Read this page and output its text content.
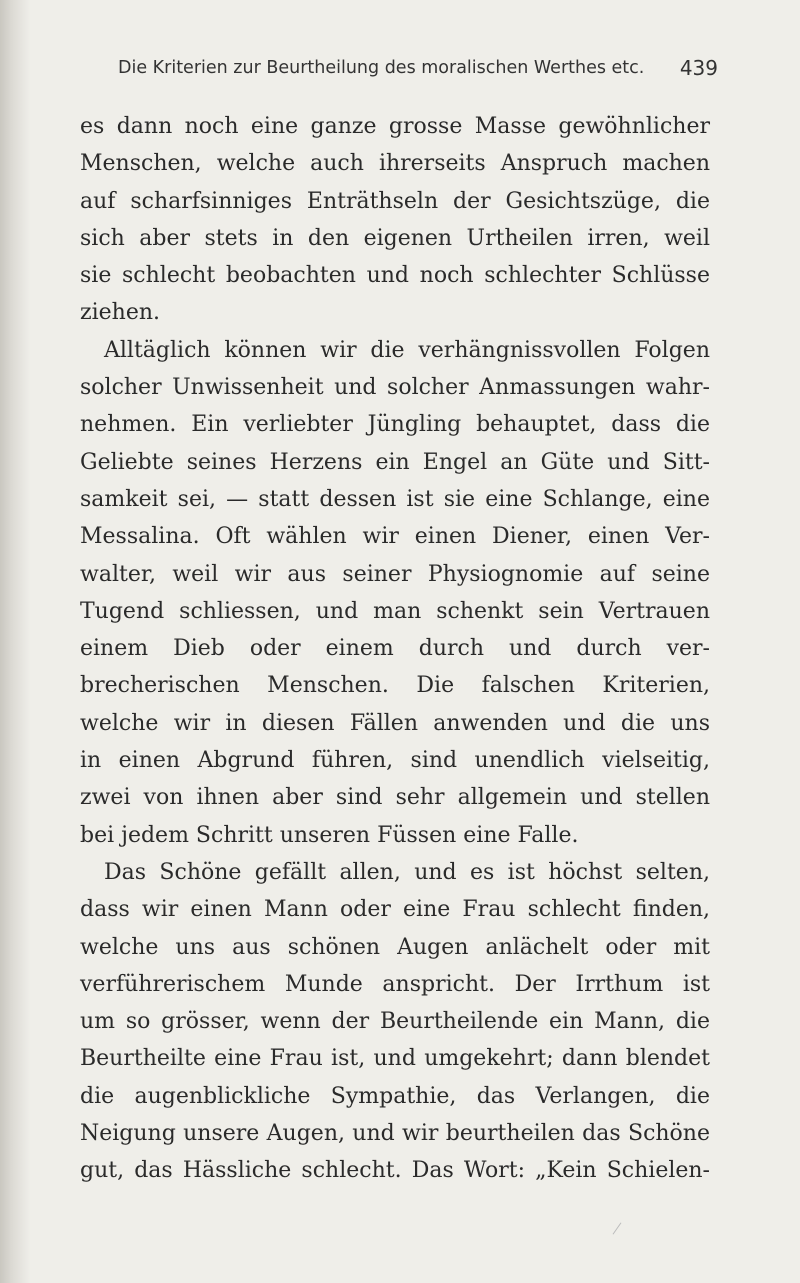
Die Kriterien zur Beurtheilung des moralischen Werthes etc. 439
es dann noch eine ganze grosse Masse gewöhnlicher
Menschen, welche auch ihrerseits Anspruch machen
auf scharfsinniges Enträthseln der Gesichtszüge, die
sich aber stets in den eigenen Urtheilen irren, weil
sie schlecht beobachten und noch schlechter Schlüsse
ziehen.
Alltäglich können wir die verhängnissvollen Folgen
solcher Unwissenheit und solcher Anmassungen wahr-
nehmen. Ein verliebter Jüngling behauptet, dass die
Geliebte seines Herzens ein Engel an Güte und Sitt-
samkeit sei, — statt dessen ist sie eine Schlange, eine
Messalina. Oft wählen wir einen Diener, einen Ver-
walter, weil wir aus seiner Physiognomie auf seine
Tugend schliessen, und man schenkt sein Vertrauen
einem Dieb oder einem durch und durch ver-
brecherischen Menschen. Die falschen Kriterien,
welche wir in diesen Fällen anwenden und die uns
in einen Abgrund führen, sind unendlich vielseitig,
zwei von ihnen aber sind sehr allgemein und stellen
bei jedem Schritt unseren Füssen eine Falle.
Das Schöne gefällt allen, und es ist höchst selten,
dass wir einen Mann oder eine Frau schlecht finden,
welche uns aus schönen Augen anlächelt oder mit
verführerischem Munde anspricht. Der Irrthum ist
um so grösser, wenn der Beurtheilende ein Mann, die
Beurtheilte eine Frau ist, und umgekehrt; dann blendet
die augenblickliche Sympathie, das Verlangen, die
Neigung unsere Augen, und wir beurtheilen das Schöne
gut, das Hässliche schlecht. Das Wort: „Kein Schielen-
